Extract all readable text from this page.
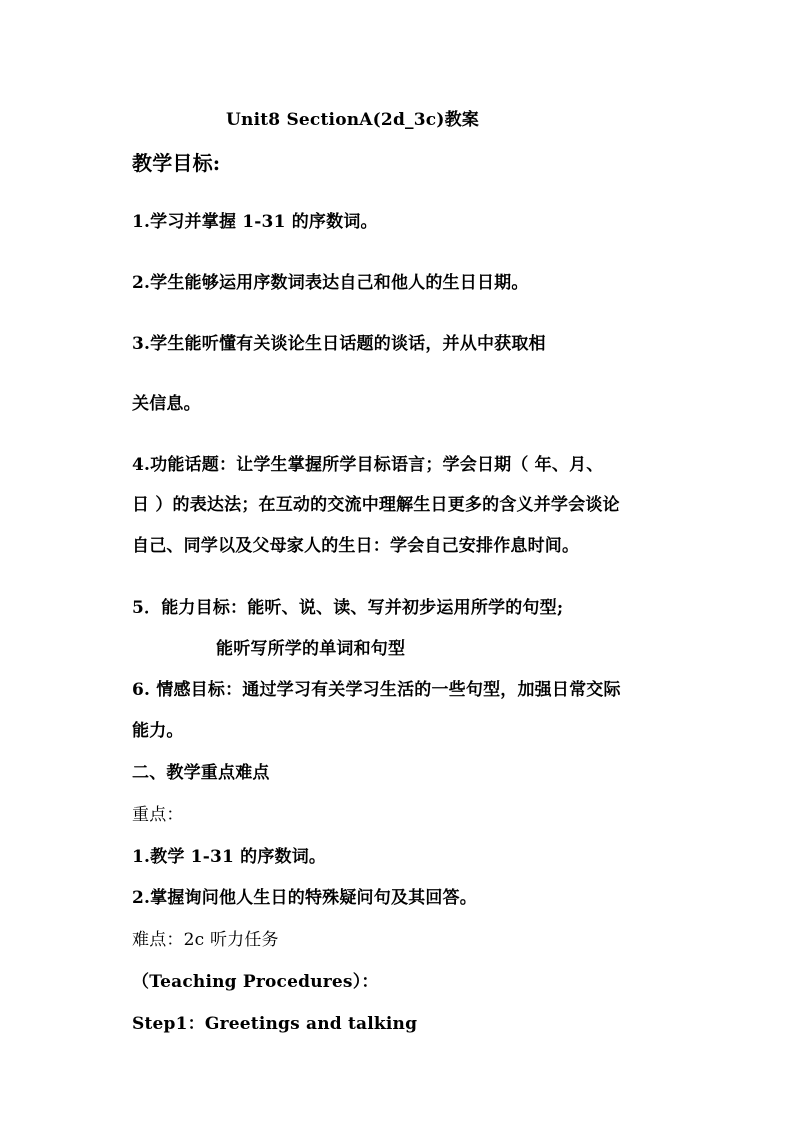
Unit8 SectionA(2d_3c)教案
教学目标:
1.学习并掌握 1-31 的序数词。
2.学生能够运用序数词表达自己和他人的生日日期。
3.学生能听懂有关谈论生日话题的谈话，并从中获取相
关信息。
4.功能话题：让学生掌握所学目标语言；学会日期（ 年、月、
日 ）的表达法；在互动的交流中理解生日更多的含义并学会谈论
自己、同学以及父母家人的生日：学会自己安排作息时间。
5．能力目标：能听、说、读、写并初步运用所学的句型;
能听写所学的单词和句型
6. 情感目标：通过学习有关学习生活的一些句型，加强日常交际
能力。
二、教学重点难点
重点：
1.教学 1-31 的序数词。
2.掌握询问他人生日的特殊疑问句及其回答。
难点：2c 听力任务
（Teaching Procedures）：
Step1：Greetings and talking
